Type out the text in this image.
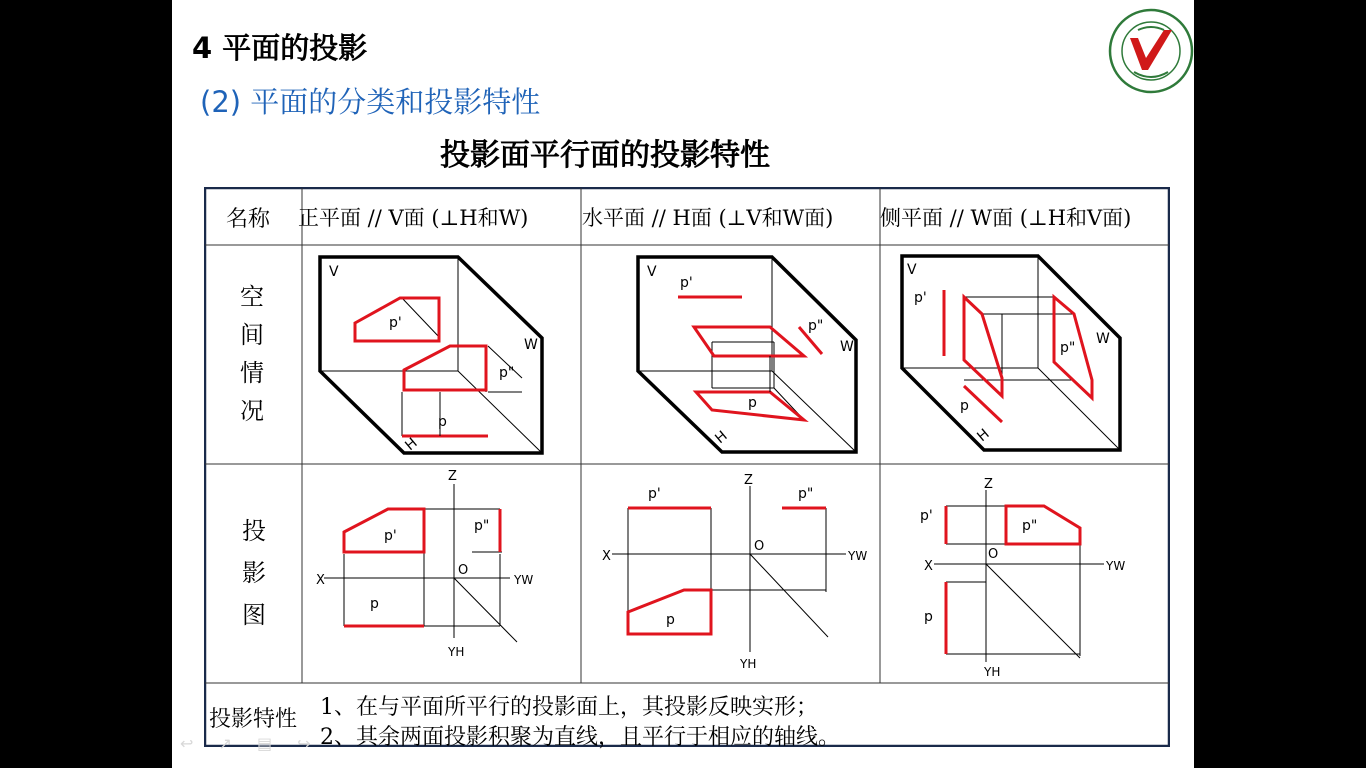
4 平面的投影
(2) 平面的分类和投影特性
投影面平行面的投影特性
名称 正平面 // V面 (⊥H和W)	水平面 // H面 (⊥V和W面) 侧平面 // W面 (⊥H和V面)
空
间
情
况
投
影
图
V
W
p'
p"
p
H
V
W
p'
p"
p
H
V
W
p'
p"
p
H
Z
X
O
YW
YH
p'
p"
p
Z
X
O
YW
YH
p'	p"
p
Z
X
O
YW
YH
p'
p"
p
投影特性 1、在与平面所平行的投影面上，其投影反映实形；
2、其余两面投影积聚为直线，且平行于相应的轴线。
↩ ↗ ▤ ↪
